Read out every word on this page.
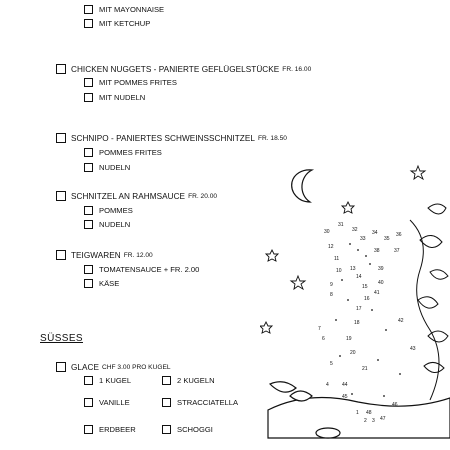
MIT MAYONNAISE
MIT KETCHUP
CHICKEN NUGGETS - PANIERTE GEFLÜGELSTÜCKE FR. 16.00
MIT POMMES FRITES
MIT NUDELN
SCHNIPO - PANIERTES SCHWEINSSCHNITZEL FR. 18.50
POMMES FRITES
NUDELN
SCHNITZEL AN RAHMSAUCE FR. 20.00
POMMES
NUDELN
TEIGWAREN FR. 12.00
TOMATENSAUCE + FR. 2.00
KÄSE
SÜSSES
GLACE CHF 3.00 PRO KUGEL
1 KUGEL	2 KUGELN
VANILLE	STRACCIATELLA
ERDBEER	SCHOGGI
30
31
32
33
34
35
36
37
38
39
40
41
42
43
44
45
46
47
48
1
2 3
4
5
6
7
8
9
10
11
12
13
14
15
16
17
18
19
20
21
